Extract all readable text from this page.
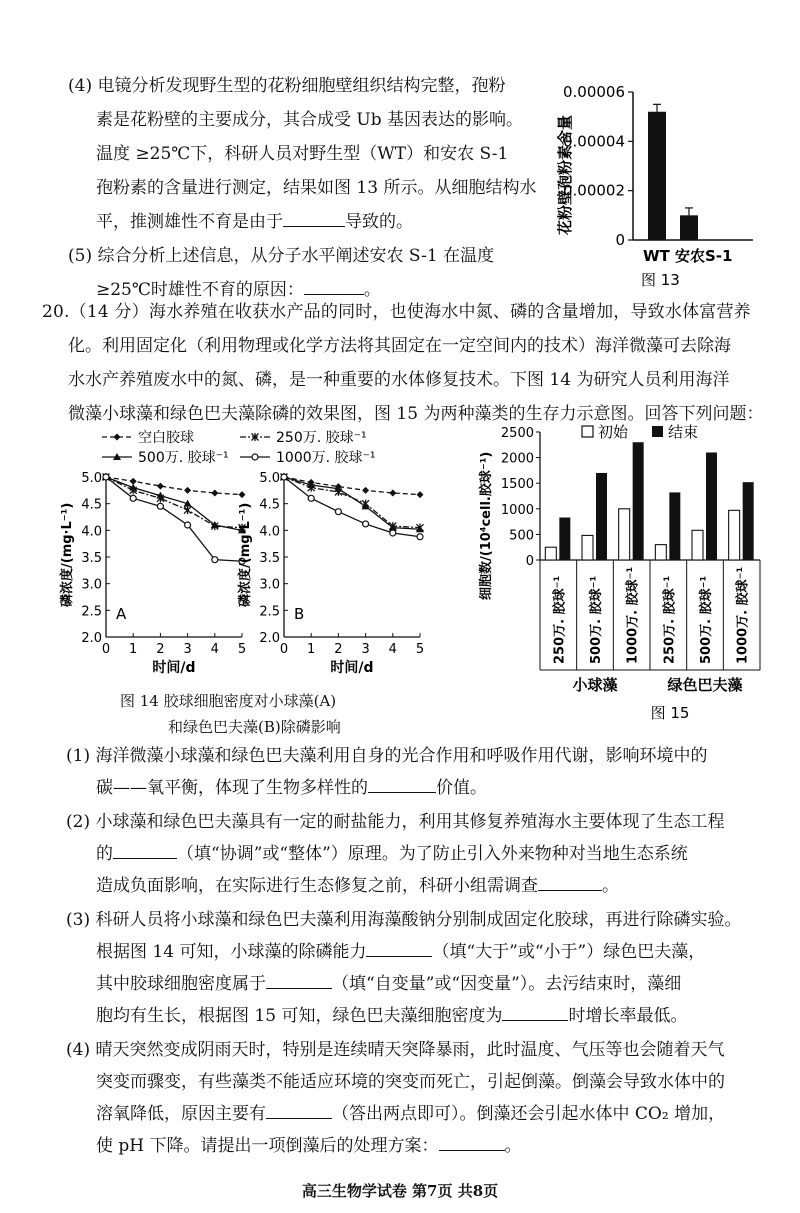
(4) 电镜分析发现野生型的花粉细胞壁组织结构完整，孢粉
素是花粉壁的主要成分，其合成受 Ub 基因表达的影响。
温度 ≥25℃下，科研人员对野生型（WT）和安农 S-1
孢粉素的含量进行测定，结果如图 13 所示。从细胞结构水
平，推测雄性不育是由于	导致的。
(5) 综合分析上述信息，从分子水平阐述安农 S-1 在温度
≥25℃时雄性不育的原因：	。
0
0.00002
0.00004
0.00006
WT 安农S-1
花粉壁孢粉素含量
图 13
20.（14 分）海水养殖在收获水产品的同时，也使海水中氮、磷的含量增加，导致水体富营养
化。利用固定化（利用物理或化学方法将其固定在一定空间内的技术）海洋微藻可去除海
水水产养殖废水中的氮、磷，是一种重要的水体修复技术。下图 14 为研究人员利用海洋
微藻小球藻和绿色巴夫藻除磷的效果图，图 15 为两种藻类的生存力示意图。回答下列问题：
空白胶球	250万. 胶球⁻¹
500万. 胶球⁻¹	1000万. 胶球⁻¹
2.0
2.5
3.0
3.5
4.0
4.5
5.0
0 1 2 3 4 5
时间/d
磷浓度/(mg·L⁻¹)
A
2.0
2.5
3.0
3.5
4.0
4.5
5.0
0 1 2 3 4 5
时间/d
磷浓度/(mg·L⁻¹)
B
图 14 胶球细胞密度对小球藻(A)
和绿色巴夫藻(B)除磷影响
初始	结束
0
500
1000
1500
2000
2500
细胞数/(10⁴cell.胶球⁻¹)
250万. 胶球⁻¹ 500万. 胶球⁻¹ 1000万. 胶球⁻¹ 250万. 胶球⁻¹ 500万. 胶球⁻¹ 1000万. 胶球⁻¹
小球藻	绿色巴夫藻
图 15
(1) 海洋微藻小球藻和绿色巴夫藻利用自身的光合作用和呼吸作用代谢，影响环境中的
碳——氧平衡，体现了生物多样性的	价值。
(2) 小球藻和绿色巴夫藻具有一定的耐盐能力，利用其修复养殖海水主要体现了生态工程
的	（填“协调”或“整体”）原理。为了防止引入外来物种对当地生态系统
造成负面影响，在实际进行生态修复之前，科研小组需调查	。
(3) 科研人员将小球藻和绿色巴夫藻利用海藻酸钠分别制成固定化胶球，再进行除磷实验。
根据图 14 可知，小球藻的除磷能力	（填“大于”或“小于”）绿色巴夫藻，
其中胶球细胞密度属于	（填“自变量”或“因变量”）。去污结束时，藻细
胞均有生长，根据图 15 可知，绿色巴夫藻细胞密度为	时增长率最低。
(4) 晴天突然变成阴雨天时，特别是连续晴天突降暴雨，此时温度、气压等也会随着天气
突变而骤变，有些藻类不能适应环境的突变而死亡，引起倒藻。倒藻会导致水体中的
溶氧降低，原因主要有	（答出两点即可）。倒藻还会引起水体中 CO₂ 增加，
使 pH 下降。请提出一项倒藻后的处理方案：	。
高三生物学试卷 第7页 共8页
